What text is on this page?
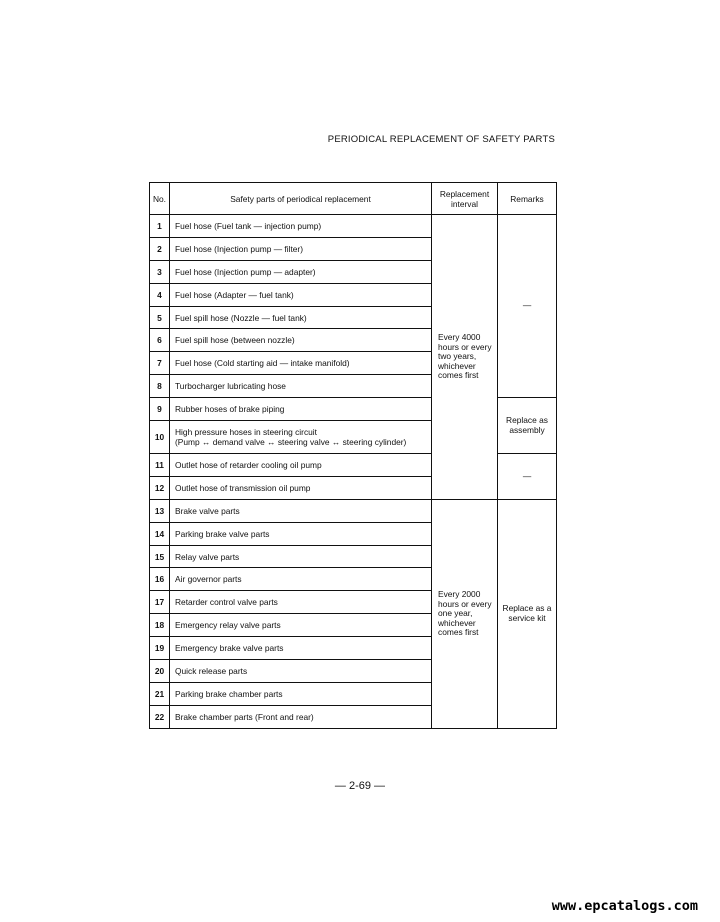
PERIODICAL REPLACEMENT OF SAFETY PARTS
No.	Safety parts of periodical replacement	Replacement interval	Remarks
1	Fuel hose (Fuel tank — injection pump)	Every 4000 hours or every two years, whichever comes first	—
2	Fuel hose (Injection pump — filter)		
3	Fuel hose (Injection pump — adapter)		
4	Fuel hose (Adapter — fuel tank)		
5	Fuel spill hose (Nozzle — fuel tank)		
6	Fuel spill hose (between nozzle)		
7	Fuel hose (Cold starting aid — intake manifold)		
8	Turbocharger lubricating hose		
9	Rubber hoses of brake piping		Replace as assembly
10	High pressure hoses in steering circuit
(Pump ↔ demand valve ↔ steering valve ↔ steering cylinder)		
11	Outlet hose of retarder cooling oil pump		—
12	Outlet hose of transmission oil pump		
13	Brake valve parts	Every 2000 hours or every one year, whichever comes first	Replace as a service kit
14	Parking brake valve parts		
15	Relay valve parts		
16	Air governor parts		
17	Retarder control valve parts		
18	Emergency relay valve parts		
19	Emergency brake valve parts		
20	Quick release parts		
21	Parking brake chamber parts		
22	Brake chamber parts (Front and rear)		
— 2-69 —
www.epcatalogs.com
